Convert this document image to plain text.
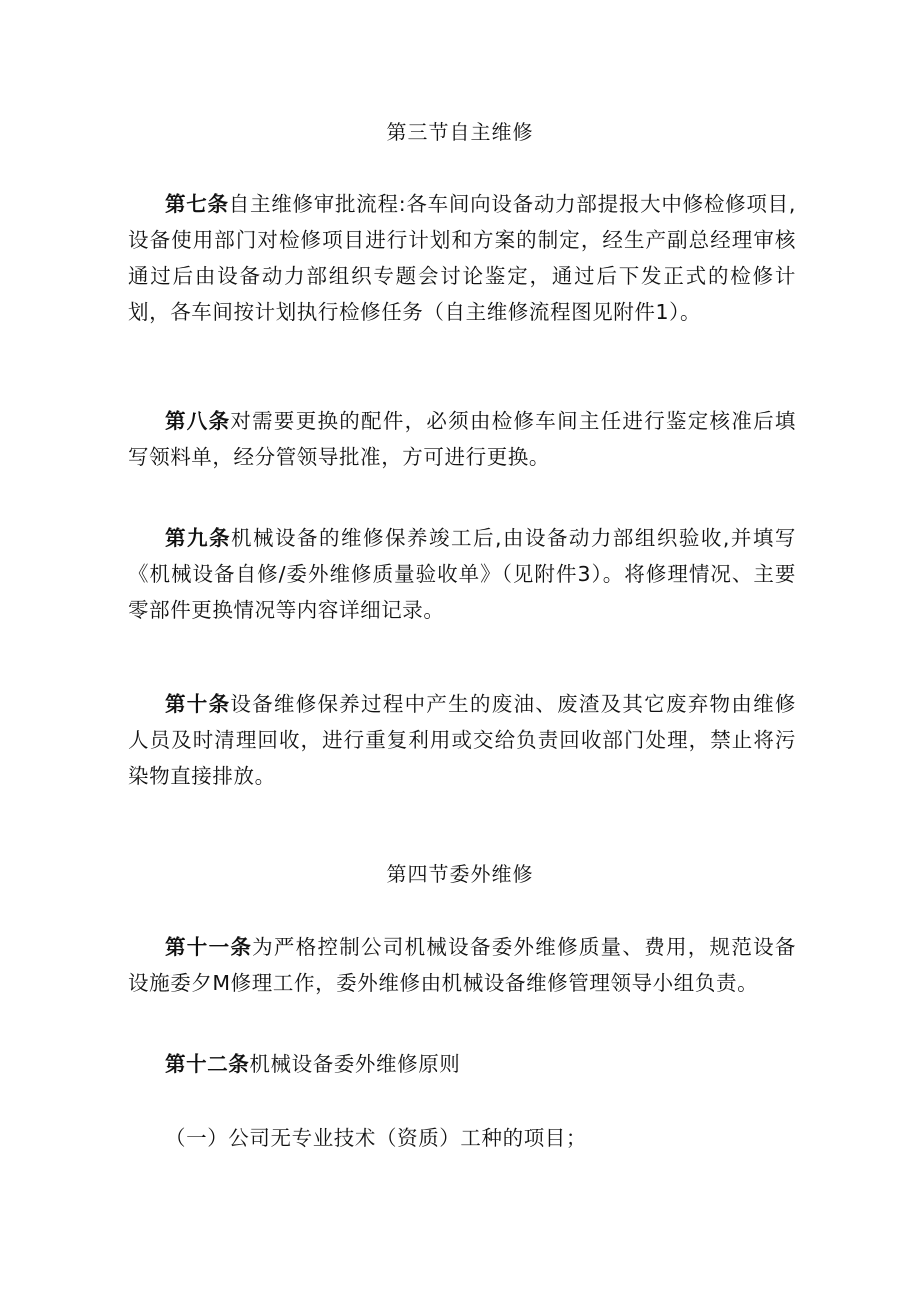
第三节自主维修
第七条自主维修审批流程:各车间向设备动力部提报大中修检修项目,设备使用部门对检修项目进行计划和方案的制定，经生产副总经理审核通过后由设备动力部组织专题会讨论鉴定，通过后下发正式的检修计划，各车间按计划执行检修任务（自主维修流程图见附件1）。
第八条对需要更换的配件，必须由检修车间主任进行鉴定核准后填写领料单，经分管领导批准，方可进行更换。
第九条机械设备的维修保养竣工后,由设备动力部组织验收,并填写《机械设备自修/委外维修质量验收单》（见附件3）。将修理情况、主要零部件更换情况等内容详细记录。
第十条设备维修保养过程中产生的废油、废渣及其它废弃物由维修人员及时清理回收，进行重复利用或交给负责回收部门处理，禁止将污染物直接排放。
第四节委外维修
第十一条为严格控制公司机械设备委外维修质量、费用，规范设备设施委夕M修理工作，委外维修由机械设备维修管理领导小组负责。
第十二条机械设备委外维修原则
（一）公司无专业技术（资质）工种的项目；
